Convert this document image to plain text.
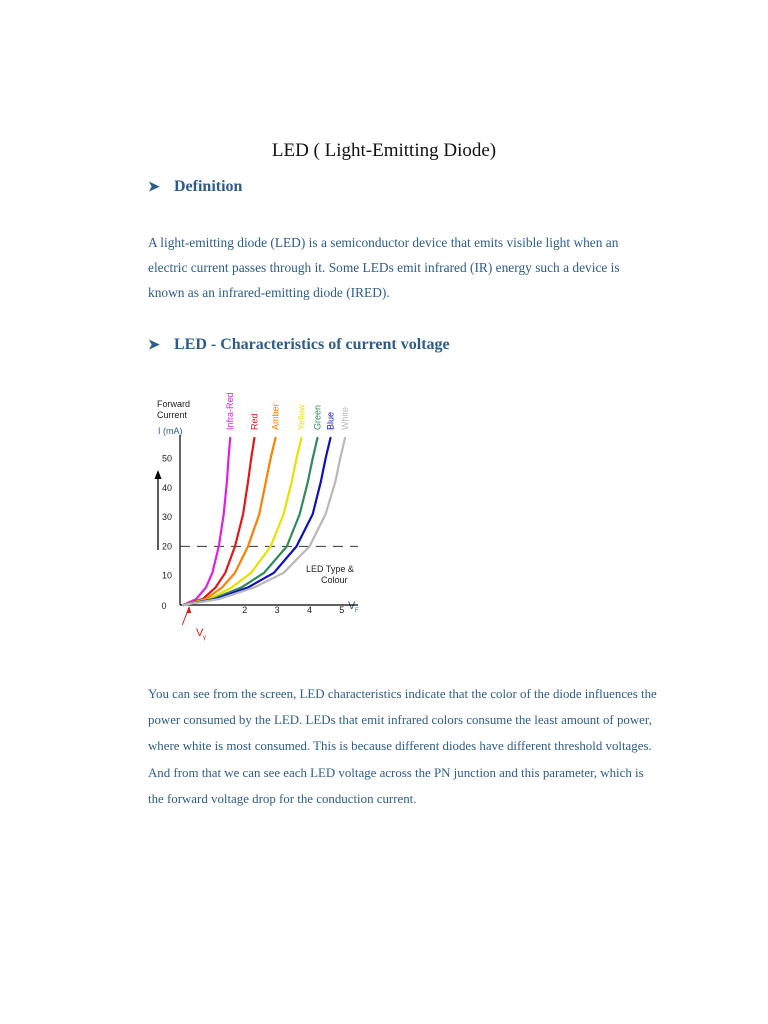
LED ( Light-Emitting Diode)
➤ Definition
A light-emitting diode (LED) is a semiconductor device that emits visible light when an electric current passes through it. Some LEDs emit infrared (IR) energy such a device is known as an infrared-emitting diode (IRED).
➤ LED - Characteristics of current voltage
Forward
Current
I (mA)
0	V F
LED Type &
Colour
V γ
10
20
30
40
50
2	3	4	5
Infra-Red Red Amber Yellow Green Blue White
You can see from the screen, LED characteristics indicate that the color of the diode influences the power consumed by the LED. LEDs that emit infrared colors consume the least amount of power, where white is most consumed. This is because different diodes have different threshold voltages. And from that we can see each LED voltage across the PN junction and this parameter, which is the forward voltage drop for the conduction current.
